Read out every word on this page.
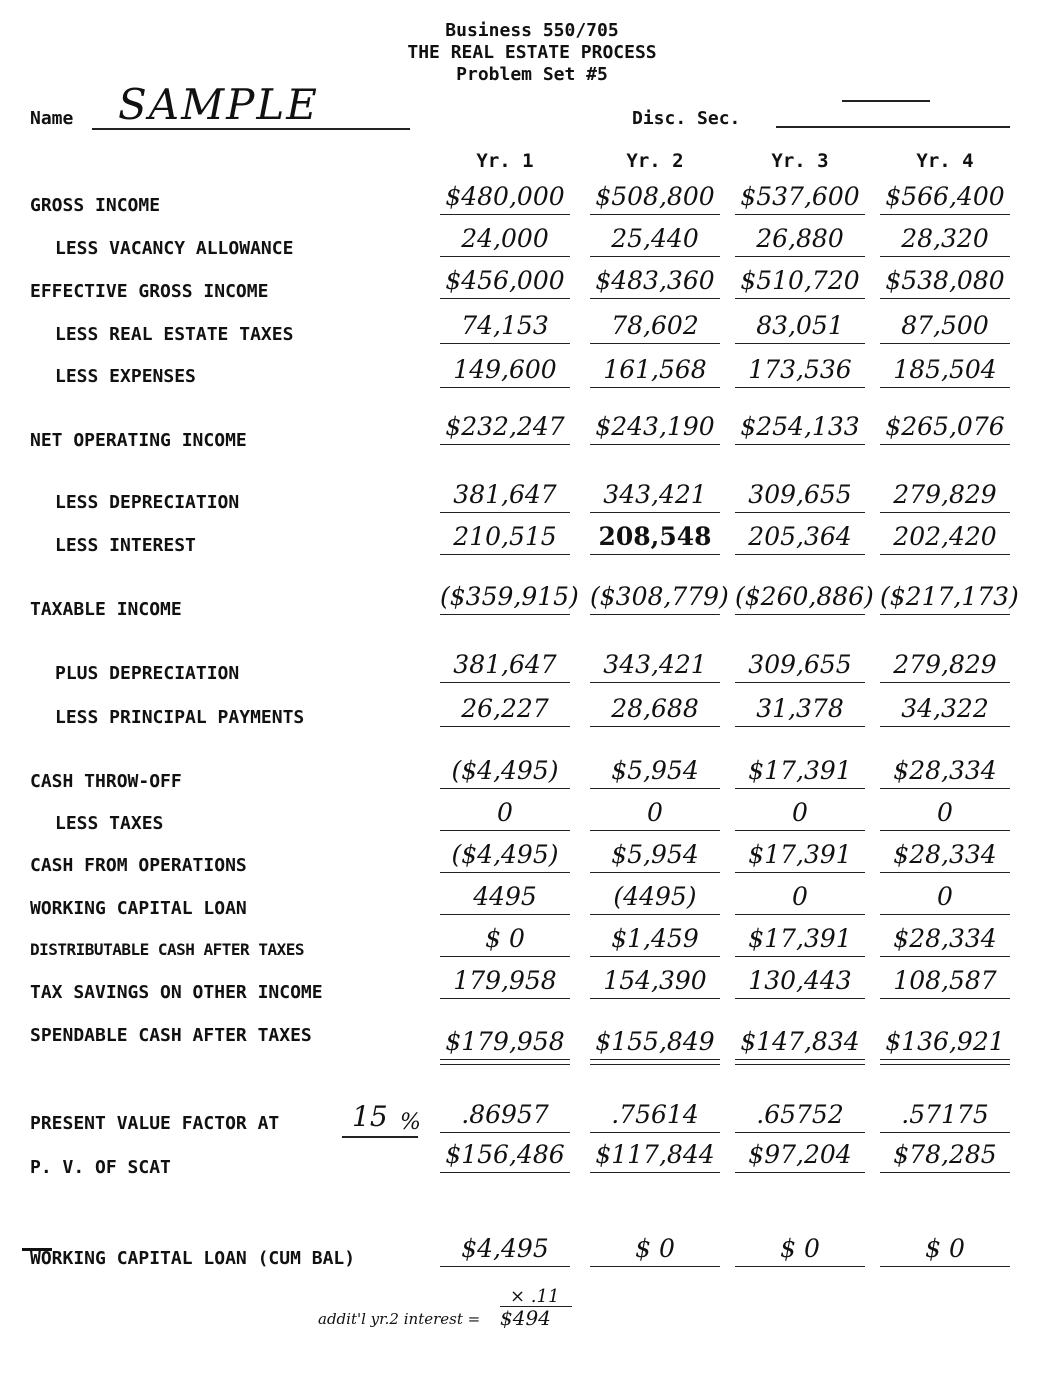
Business 550/705
THE REAL ESTATE PROCESS
Problem Set #5
Name SAMPLE	Disc. Sec.
Yr. 1	Yr. 2	Yr. 3	Yr. 4
GROSS INCOME	$480,000 $508,800 $537,600 $566,400
LESS VACANCY ALLOWANCE	24,000	25,440	26,880	28,320
EFFECTIVE GROSS INCOME	$456,000 $483,360 $510,720 $538,080
LESS REAL ESTATE TAXES	74,153	78,602	83,051	87,500
LESS EXPENSES	149,600	161,568	173,536	185,504
NET OPERATING INCOME	$232,247 $243,190 $254,133 $265,076
LESS DEPRECIATION	381,647	343,421	309,655	279,829
LESS INTEREST	210,515	208,548	205,364	202,420
TAXABLE INCOME	($359,915) ($308,779) ($260,886) ($217,173)
PLUS DEPRECIATION	381,647	343,421	309,655	279,829
LESS PRINCIPAL PAYMENTS	26,227	28,688	31,378	34,322
CASH THROW-OFF	($4,495)	$5,954	$17,391	$28,334
LESS TAXES	0	0	0	0
CASH FROM OPERATIONS	($4,495)	$5,954	$17,391	$28,334
WORKING CAPITAL LOAN	4495	(4495)	0	0
DISTRIBUTABLE CASH AFTER TAXES	$ 0	$1,459	$17,391	$28,334
TAX SAVINGS ON OTHER INCOME	179,958	154,390	130,443	108,587
SPENDABLE CASH AFTER TAXES	$179,958 $155,849 $147,834 $136,921
PRESENT VALUE FACTOR AT	.86957	.75614	.65752	.57175
P. V. OF SCAT	$156,486 $117,844	$97,204	$78,285
WORKING CAPITAL LOAN (CUM BAL)	$4,495	$ 0	$ 0	$ 0
15 %
× .11
addit'l yr.2 interest = $494
